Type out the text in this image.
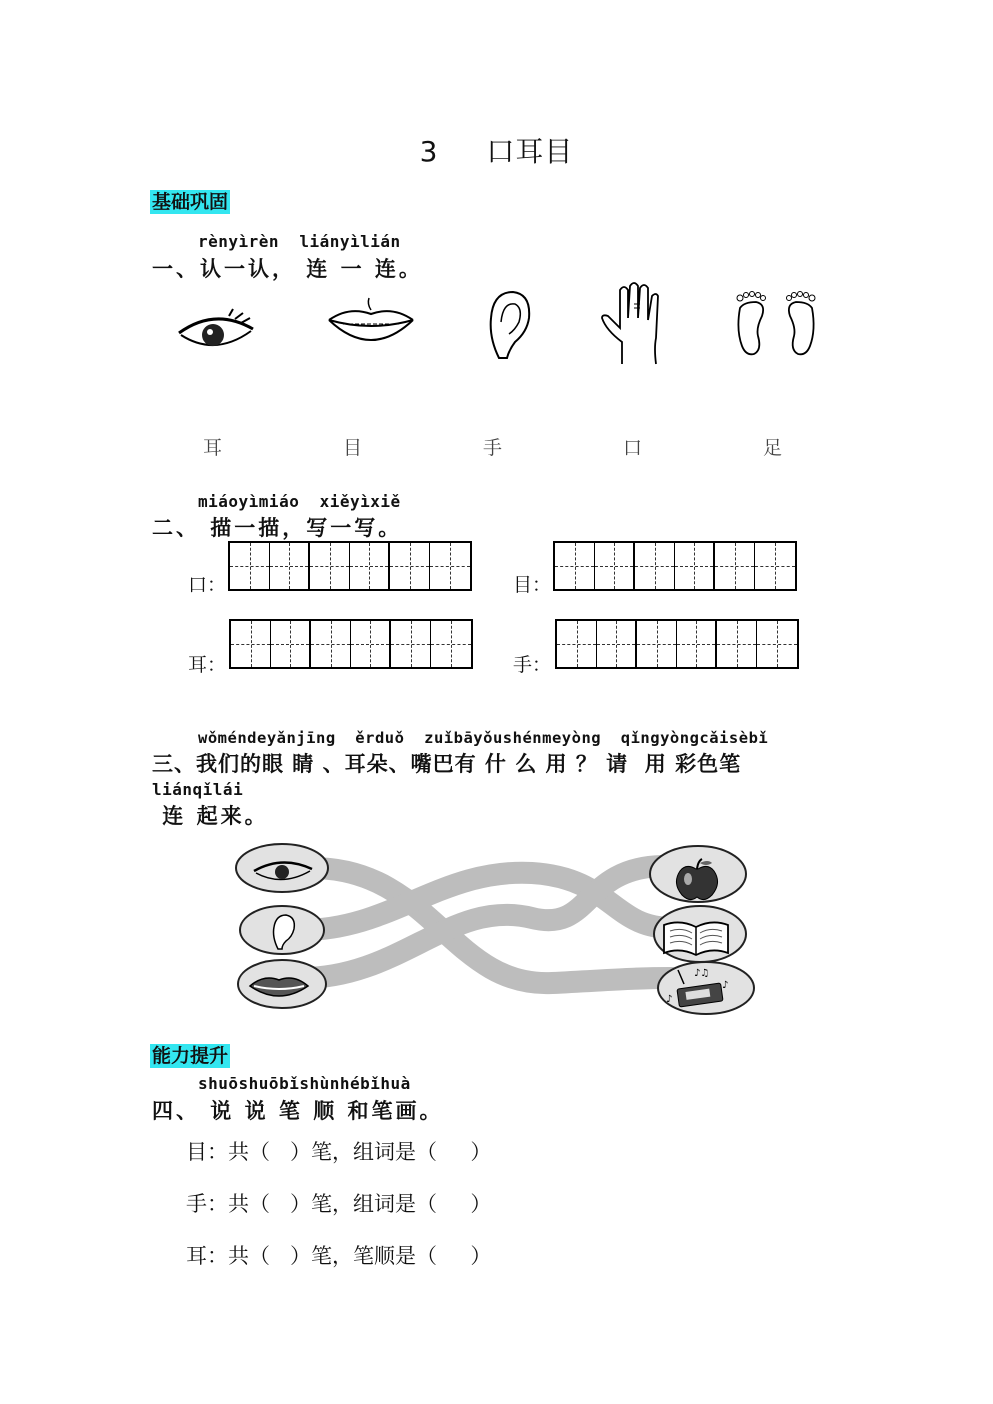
3 口耳目
基础巩固
rènyìrèn  liányìlián
一、认一认， 连 一 连。
耳	目	手	口	足
miáoyìmiáo  xiěyìxiě
二、 描一描，写一写。
口：	目：
耳：	手：
wǒméndeyǎnjīng  ěrduǒ  zuǐbāyǒushénmeyòng  qǐngyòngcǎisèbǐ
三、我们的眼 睛 、耳朵、嘴巴有 什 么 用 ？ 请  用 彩色笔
liánqǐlái
连 起来。
♪♫
♪
♪
能力提升
shuōshuōbǐshùnhébǐhuà
四、 说 说 笔 顺 和笔画。
目：共（   ）笔，组词是（     ）
手：共（   ）笔，组词是（     ）
耳：共（   ）笔，笔顺是（     ）
